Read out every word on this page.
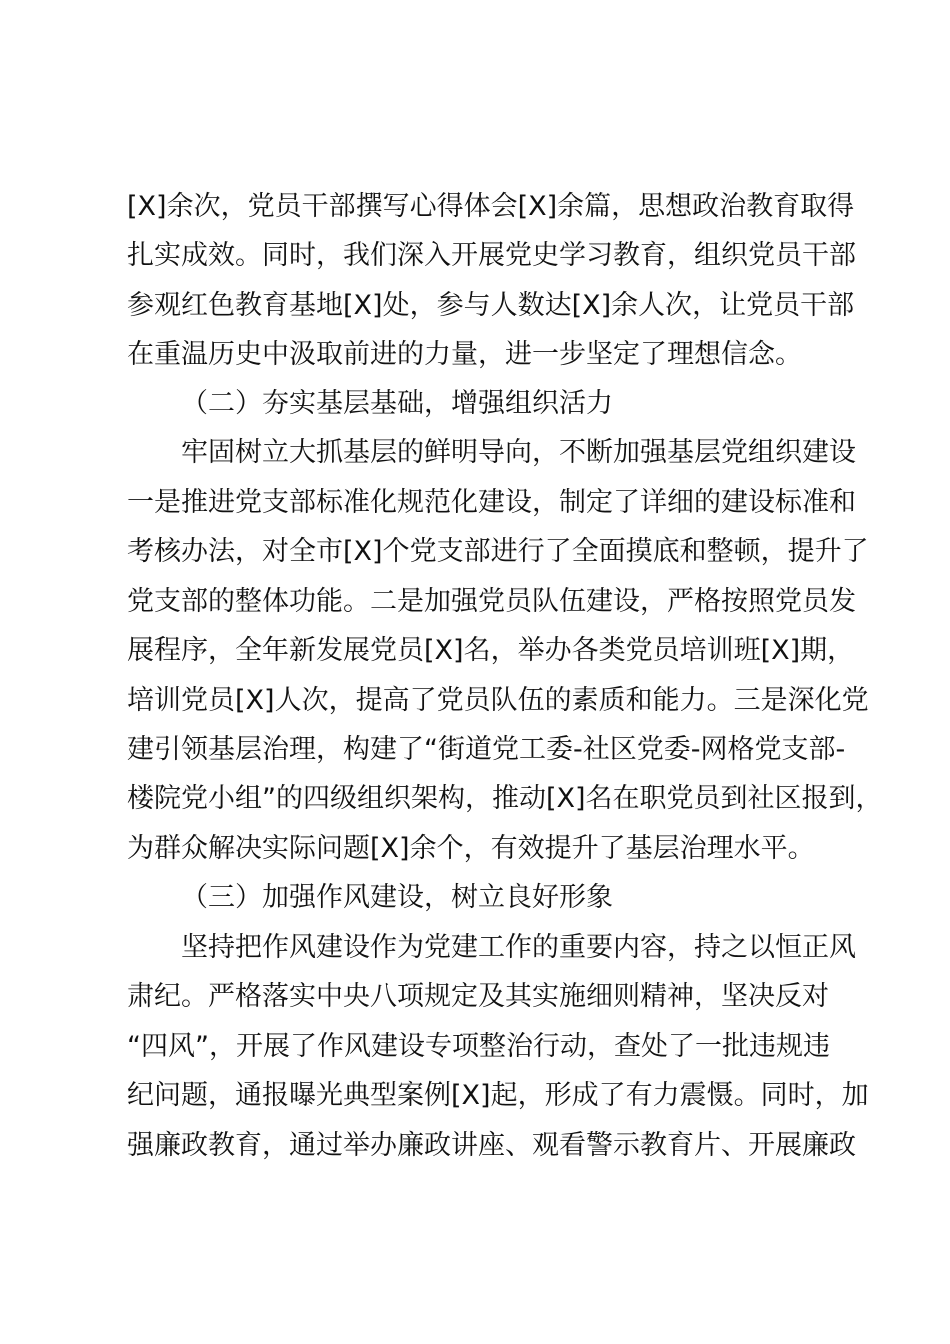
[X]余次，党员干部撰写心得体会[X]余篇，思想政治教育取得
扎实成效。同时，我们深入开展党史学习教育，组织党员干部
参观红色教育基地[X]处，参与人数达[X]余人次，让党员干部
在重温历史中汲取前进的力量，进一步坚定了理想信念。
（二）夯实基层基础，增强组织活力
牢固树立大抓基层的鲜明导向，不断加强基层党组织建设
一是推进党支部标准化规范化建设，制定了详细的建设标准和
考核办法，对全市[X]个党支部进行了全面摸底和整顿，提升了
党支部的整体功能。二是加强党员队伍建设，严格按照党员发
展程序，全年新发展党员[X]名，举办各类党员培训班[X]期，
培训党员[X]人次，提高了党员队伍的素质和能力。三是深化党
建引领基层治理，构建了“街道党工委-社区党委-网格党支部-
楼院党小组”的四级组织架构，推动[X]名在职党员到社区报到，
为群众解决实际问题[X]余个，有效提升了基层治理水平。
（三）加强作风建设，树立良好形象
坚持把作风建设作为党建工作的重要内容，持之以恒正风
肃纪。严格落实中央八项规定及其实施细则精神，坚决反对
“四风”，开展了作风建设专项整治行动，查处了一批违规违
纪问题，通报曝光典型案例[X]起，形成了有力震慑。同时，加
强廉政教育，通过举办廉政讲座、观看警示教育片、开展廉政
